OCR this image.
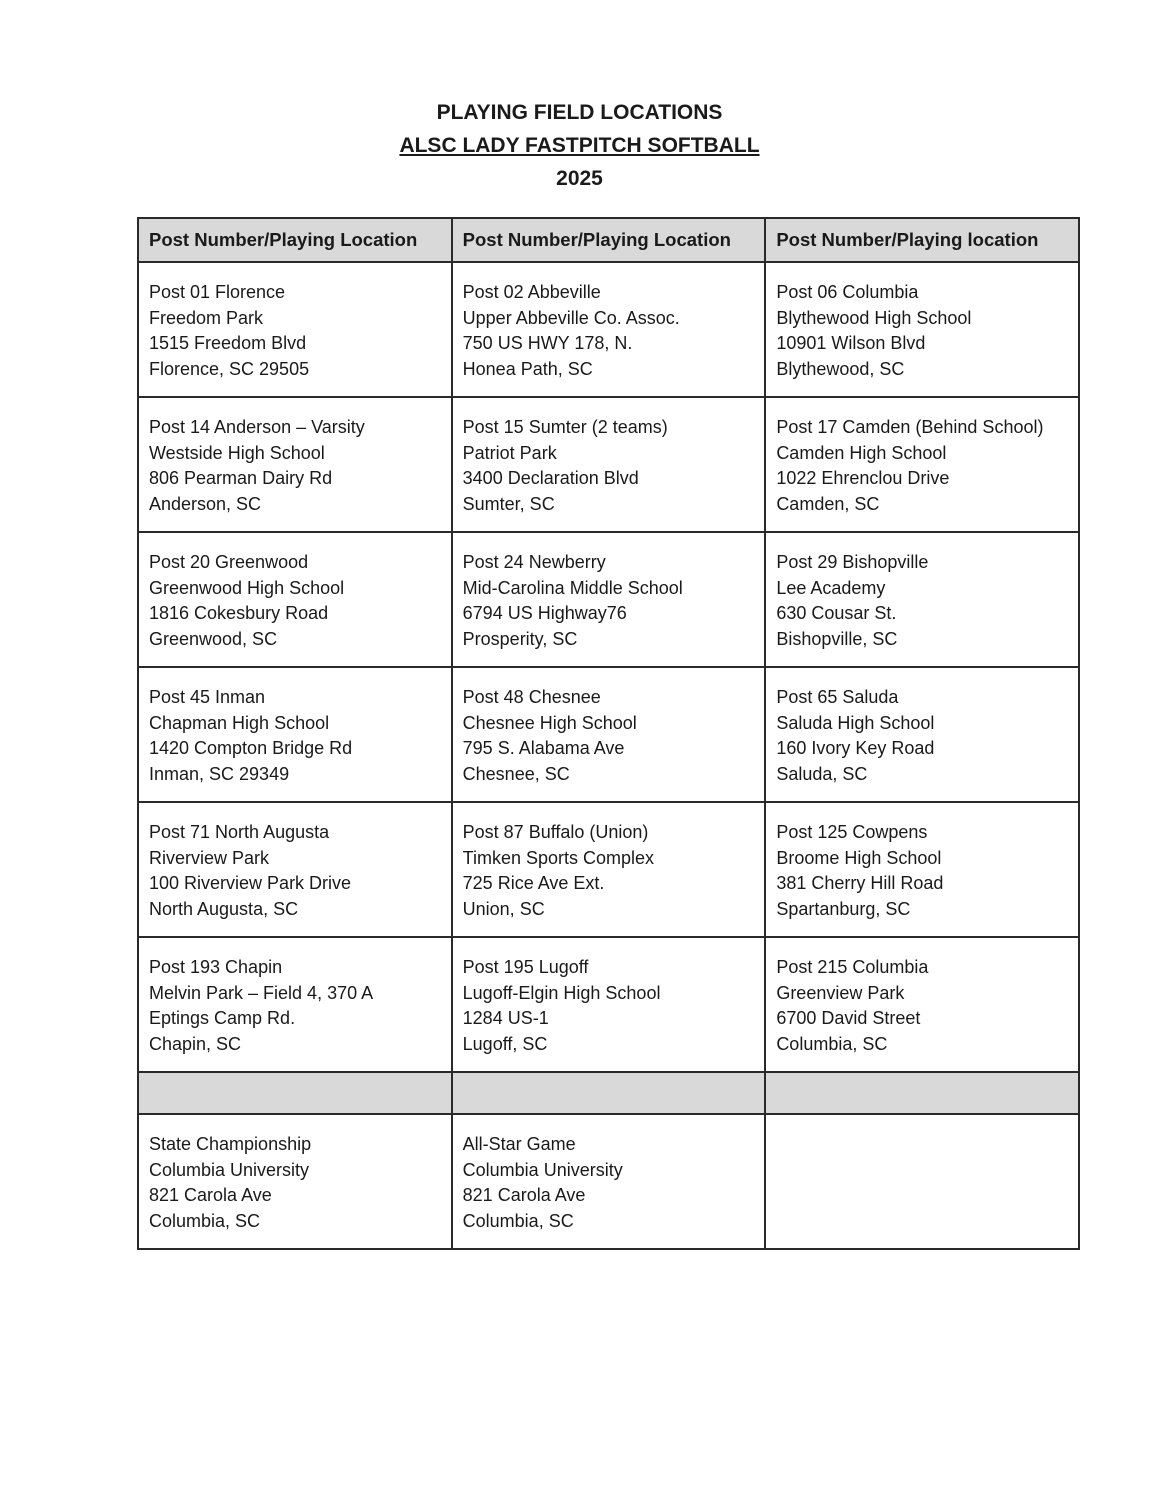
PLAYING FIELD LOCATIONS
ALSC LADY FASTPITCH SOFTBALL
2025
Post Number/Playing Location	Post Number/Playing Location	Post Number/Playing location

Post 01 Florence
Freedom Park
1515 Freedom Blvd
Florence, SC 29505	Post 02 Abbeville
Upper Abbeville Co. Assoc.
750 US HWY 178, N.
Honea Path, SC	Post 06 Columbia
Blythewood High School
10901 Wilson Blvd
Blythewood, SC

Post 14 Anderson – Varsity
Westside High School
806 Pearman Dairy Rd
Anderson, SC	Post 15 Sumter (2 teams)
Patriot Park
3400 Declaration Blvd
Sumter, SC	Post 17 Camden (Behind School)
Camden High School
1022 Ehrenclou Drive
Camden, SC

Post 20 Greenwood
Greenwood High School
1816 Cokesbury Road
Greenwood, SC	Post 24 Newberry
Mid-Carolina Middle School
6794 US Highway76
Prosperity, SC	Post 29 Bishopville
Lee Academy
630 Cousar St.
Bishopville, SC

Post 45 Inman
Chapman High School
1420 Compton Bridge Rd
Inman, SC 29349	Post 48 Chesnee
Chesnee High School
795 S. Alabama Ave
Chesnee, SC	Post 65 Saluda
Saluda High School
160 Ivory Key Road
Saluda, SC

Post 71 North Augusta
Riverview Park
100 Riverview Park Drive
North Augusta, SC	Post 87 Buffalo (Union)
Timken Sports Complex
725 Rice Ave Ext.
Union, SC	Post 125 Cowpens
Broome High School
381 Cherry Hill Road
Spartanburg, SC

Post 193 Chapin
Melvin Park – Field 4, 370 A
Eptings Camp Rd.
Chapin, SC	Post 195 Lugoff
Lugoff-Elgin High School
1284 US-1
Lugoff, SC	Post 215 Columbia
Greenview Park
6700 David Street
Columbia, SC

State Championship
Columbia University
821 Carola Ave
Columbia, SC	All-Star Game
Columbia University
821 Carola Ave
Columbia, SC	
